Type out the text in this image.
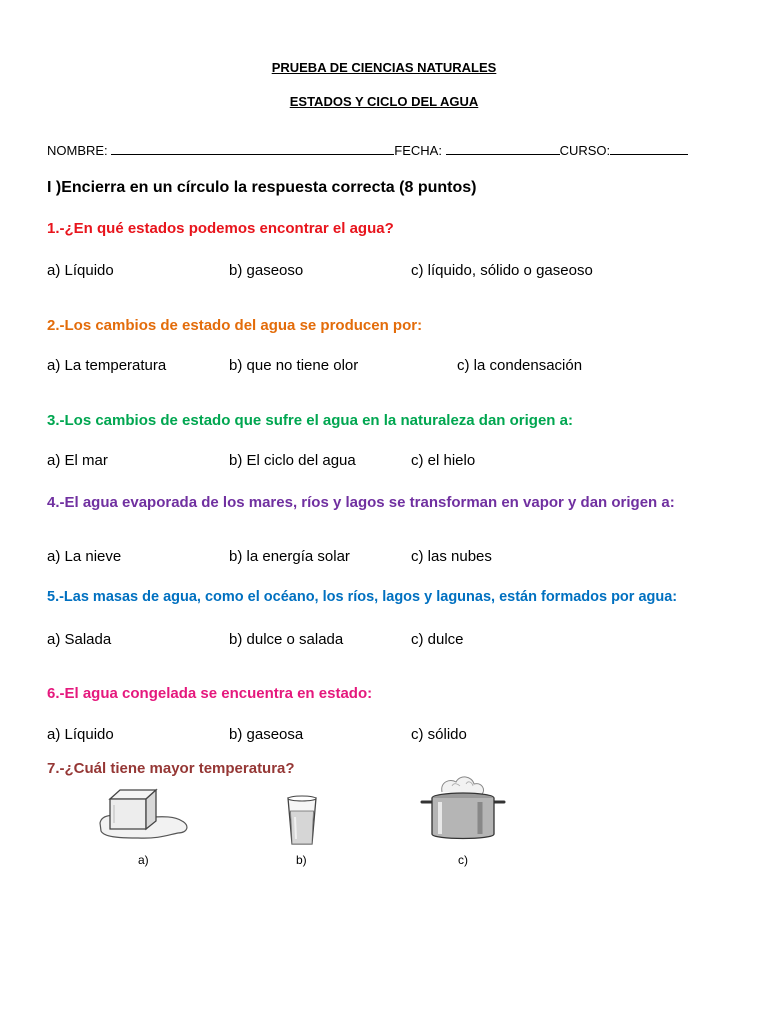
PRUEBA DE CIENCIAS NATURALES
ESTADOS Y CICLO DEL AGUA
NOMBRE:	FECHA:	CURSO:
I )Encierra en un círculo la respuesta correcta (8 puntos)
1.-¿En qué estados podemos encontrar el agua?
a) Líquido	b) gaseoso	c) líquido, sólido o gaseoso
2.-Los cambios de estado del agua se producen por:
a) La temperatura	b) que no tiene olor	c) la condensación
3.-Los cambios de estado que sufre el agua en la naturaleza dan origen a:
a) El mar	b) El ciclo del agua	c) el hielo
4.-El agua evaporada de los mares, ríos y lagos se transforman en vapor y dan origen a:
a) La nieve	b) la energía solar	c) las nubes
5.-Las masas de agua, como el océano, los ríos, lagos y lagunas, están formados por agua:
a) Salada	b) dulce o salada	c) dulce
6.-El agua congelada se encuentra en estado:
a) Líquido	b) gaseosa	c) sólido
7.-¿Cuál tiene mayor temperatura?
a)	b)	c)
